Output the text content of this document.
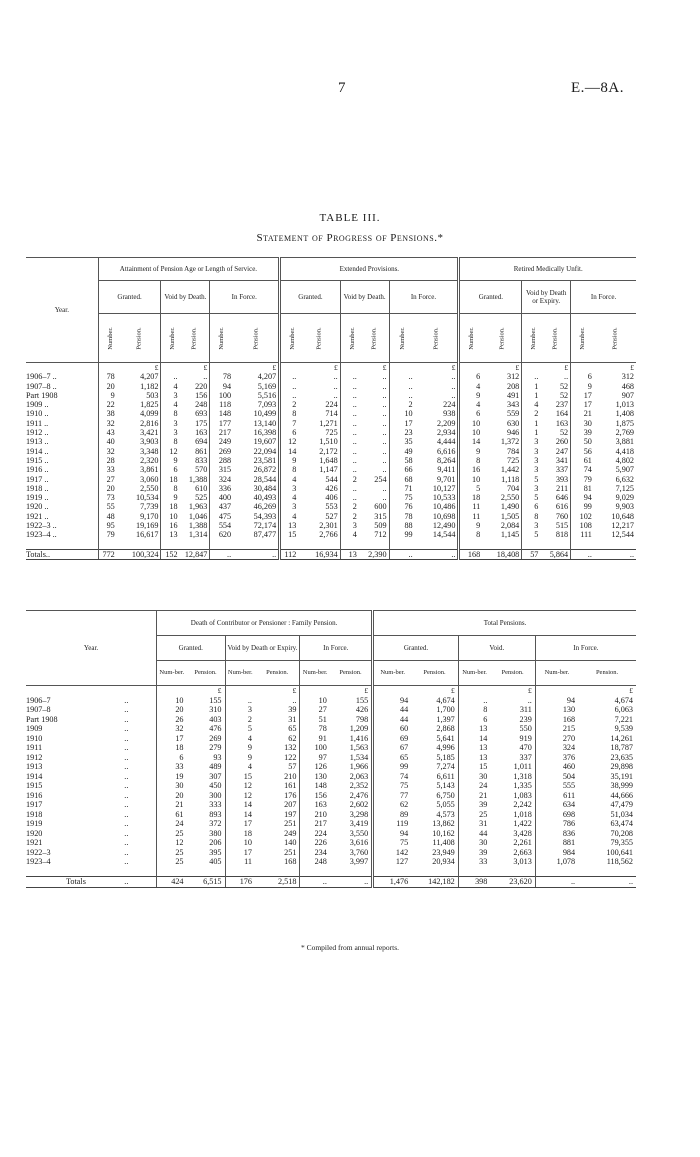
7	E.—8A.
TABLE III.
Statement of Progress of Pensions.*
Year.	Attainment of Pension Age or Length of Service.						Extended Provisions.						Retired Medically Unfit.					
	Granted.		Void by Death.		In Force.		Granted.		Void by Death.		In Force.		Granted.		Void by Death or Expiry.		In Force.	
	Number.	Pension.	Number.	Pension.	Number.	Pension.	Number.	Pension.	Number.	Pension.	Number.	Pension.	Number.	Pension.	Number.	Pension.	Number.	Pension.
		£		£		£		£		£		£		£		£		£
1906–7 ..	78	4,207	..	..	78	4,207	..	..	..	..	..	..	6	312	..	..	6	312
1907–8 ..	20	1,182	4	220	94	5,169	..	..	..	..	..	..	4	208	1	52	9	468
Part 1908	9	503	3	156	100	5,516	..	..	..	..	..	..	9	491	1	52	17	907
1909 ..	22	1,825	4	248	118	7,093	2	224	..	..	2	224	4	343	4	237	17	1,013
1910 ..	38	4,099	8	693	148	10,499	8	714	..	..	10	938	6	559	2	164	21	1,408
1911 ..	32	2,816	3	175	177	13,140	7	1,271	..	..	17	2,209	10	630	1	163	30	1,875
1912 ..	43	3,421	3	163	217	16,398	6	725	..	..	23	2,934	10	946	1	52	39	2,769
1913 ..	40	3,903	8	694	249	19,607	12	1,510	..	..	35	4,444	14	1,372	3	260	50	3,881
1914 ..	32	3,348	12	861	269	22,094	14	2,172	..	..	49	6,616	9	784	3	247	56	4,418
1915 ..	28	2,320	9	833	288	23,581	9	1,648	..	..	58	8,264	8	725	3	341	61	4,802
1916 ..	33	3,861	6	570	315	26,872	8	1,147	..	..	66	9,411	16	1,442	3	337	74	5,907
1917 ..	27	3,060	18	1,388	324	28,544	4	544	2	254	68	9,701	10	1,118	5	393	79	6,632
1918 ..	20	2,550	8	610	336	30,484	3	426	..	..	71	10,127	5	704	3	211	81	7,125
1919 ..	73	10,534	9	525	400	40,493	4	406	..	..	75	10,533	18	2,550	5	646	94	9,029
1920 ..	55	7,739	18	1,963	437	46,269	3	553	2	600	76	10,486	11	1,490	6	616	99	9,903
1921 ..	48	9,170	10	1,046	475	54,393	4	527	2	315	78	10,698	11	1,505	8	760	102	10,648
1922–3 ..	95	19,169	16	1,388	554	72,174	13	2,301	3	509	88	12,490	9	2,084	3	515	108	12,217
1923–4 ..	79	16,617	13	1,314	620	87,477	15	2,766	4	712	99	14,544	8	1,145	5	818	111	12,544

Totals..	772	100,324	152	12,847	..	..	112	16,934	13	2,390	..	..	168	18,408	57	5,864	..	..
Year.		Death of Contributor or Pensioner : Family Pension.						Total Pensions.					
		Granted.		Void by Death or Expiry.		In Force.		Granted.		Void.		In Force.	
		Num-ber.	Pension.	Num-ber.	Pension.	Num-ber.	Pension.	Num-ber.	Pension.	Num-ber.	Pension.	Num-ber.	Pension.
			£		£		£		£		£		£
1906–7	..	10	155	..	..	10	155	94	4,674	..	..	94	4,674
1907–8	..	20	310	3	39	27	426	44	1,700	8	311	130	6,063
Part 1908	..	26	403	2	31	51	798	44	1,397	6	239	168	7,221
1909	..	32	476	5	65	78	1,209	60	2,868	13	550	215	9,539
1910	..	17	269	4	62	91	1,416	69	5,641	14	919	270	14,261
1911	..	18	279	9	132	100	1,563	67	4,996	13	470	324	18,787
1912	..	6	93	9	122	97	1,534	65	5,185	13	337	376	23,635
1913	..	33	489	4	57	126	1,966	99	7,274	15	1,011	460	29,898
1914	..	19	307	15	210	130	2,063	74	6,611	30	1,318	504	35,191
1915	..	30	450	12	161	148	2,352	75	5,143	24	1,335	555	38,999
1916	..	20	300	12	176	156	2,476	77	6,750	21	1,083	611	44,666
1917	..	21	333	14	207	163	2,602	62	5,055	39	2,242	634	47,479
1918	..	61	893	14	197	210	3,298	89	4,573	25	1,018	698	51,034
1919	..	24	372	17	251	217	3,419	119	13,862	31	1,422	786	63,474
1920	..	25	380	18	249	224	3,550	94	10,162	44	3,428	836	70,208
1921	..	12	206	10	140	226	3,616	75	11,408	30	2,261	881	79,355
1922–3	..	25	395	17	251	234	3,760	142	23,949	39	2,663	984	100,641
1923–4	..	25	405	11	168	248	3,997	127	20,934	33	3,013	1,078	118,562

Totals	..	424	6,515	176	2,518	..	..	1,476	142,182	398	23,620	..	..
* Compiled from annual reports.
